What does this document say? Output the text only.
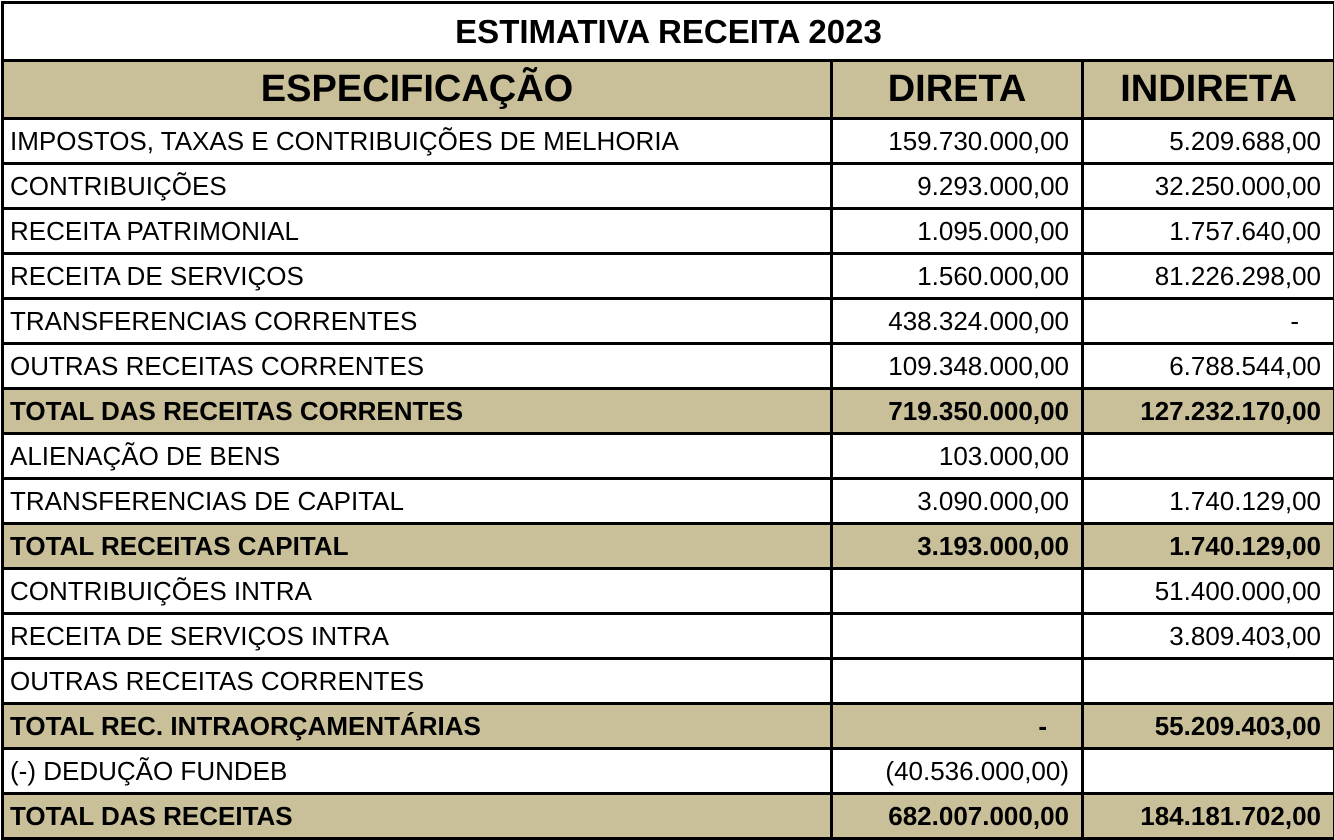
ESTIMATIVA RECEITA 2023		
ESPECIFICAÇÃO	DIRETA	INDIRETA
IMPOSTOS, TAXAS E CONTRIBUIÇÕES DE MELHORIA	159.730.000,00	5.209.688,00
CONTRIBUIÇÕES	9.293.000,00	32.250.000,00
RECEITA PATRIMONIAL	1.095.000,00	1.757.640,00
RECEITA DE SERVIÇOS	1.560.000,00	81.226.298,00
TRANSFERENCIAS CORRENTES	438.324.000,00	-
OUTRAS RECEITAS CORRENTES	109.348.000,00	6.788.544,00
TOTAL DAS RECEITAS CORRENTES	719.350.000,00	127.232.170,00
ALIENAÇÃO DE BENS	103.000,00	
TRANSFERENCIAS DE CAPITAL	3.090.000,00	1.740.129,00
TOTAL RECEITAS CAPITAL	3.193.000,00	1.740.129,00
CONTRIBUIÇÕES INTRA		51.400.000,00
RECEITA DE SERVIÇOS INTRA		3.809.403,00
OUTRAS RECEITAS CORRENTES		
TOTAL REC. INTRAORÇAMENTÁRIAS	-	55.209.403,00
(-) DEDUÇÃO FUNDEB	(40.536.000,00)	
TOTAL DAS RECEITAS	682.007.000,00	184.181.702,00
